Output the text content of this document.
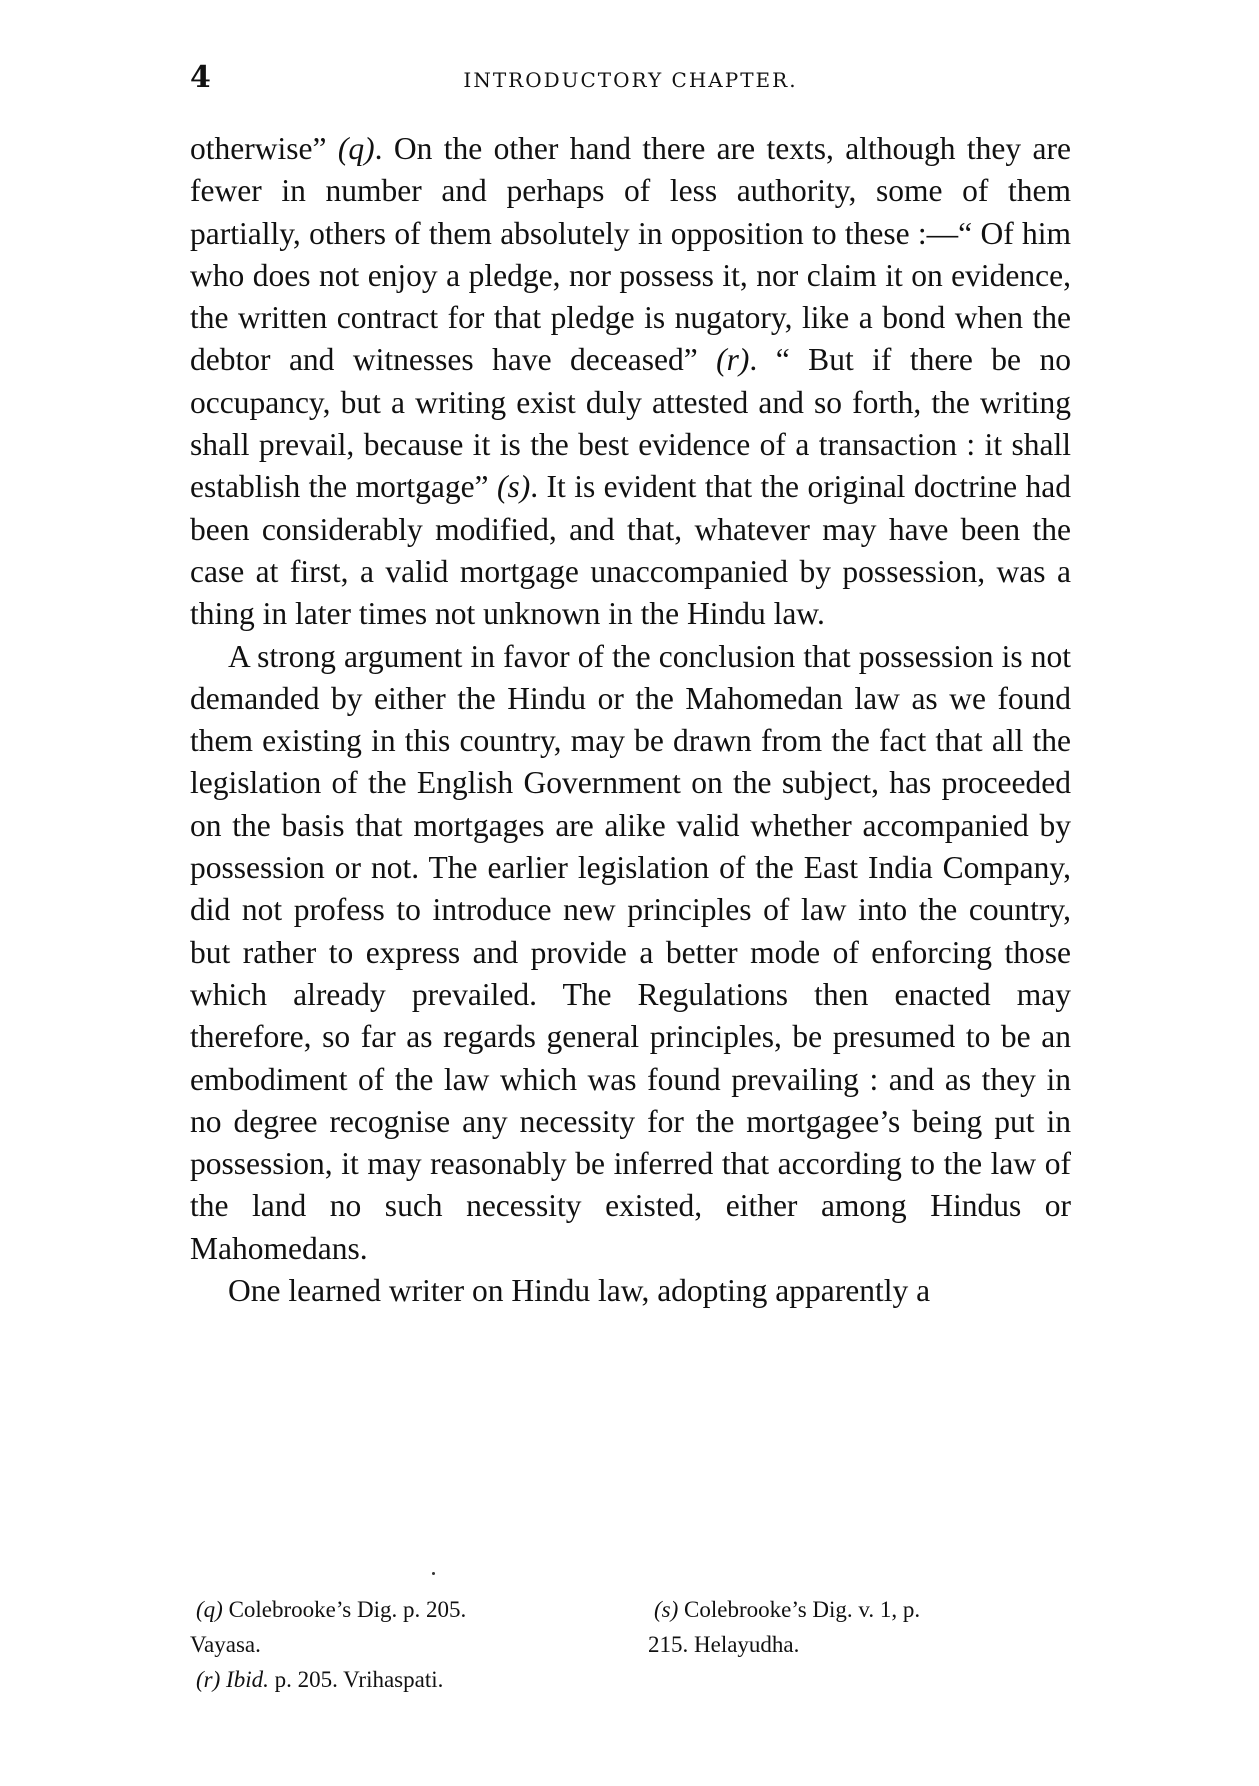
4	INTRODUCTORY CHAPTER.

otherwise” (q). On the other hand there are texts, although they are fewer in number and perhaps of less authority, some of them partially, others of them absolutely in opposition to these :—“ Of him who does not enjoy a pledge, nor possess it, nor claim it on evidence, the written contract for that pledge is nugatory, like a bond when the debtor and witnesses have deceased” (r). “ But if there be no occupancy, but a writing exist duly attested and so forth, the writing shall prevail, because it is the best evidence of a transaction : it shall establish the mortgage” (s). It is evident that the original doctrine had been considerably modified, and that, whatever may have been the case at first, a valid mortgage unaccompanied by possession, was a thing in later times not unknown in the Hindu law.

A strong argument in favor of the conclusion that possession is not demanded by either the Hindu or the Mahomedan law as we found them existing in this country, may be drawn from the fact that all the legislation of the English Government on the subject, has proceeded on the basis that mortgages are alike valid whether accompanied by possession or not. The earlier legislation of the East India Company, did not profess to introduce new principles of law into the country, but rather to express and provide a better mode of enforcing those which already prevailed. The Regulations then enacted may therefore, so far as regards general principles, be presumed to be an embodiment of the law which was found prevailing : and as they in no degree recognise any necessity for the mortgagee’s being put in possession, it may reasonably be inferred that according to the law of the land no such necessity existed, either among Hindus or Mahomedans.

One learned writer on Hindu law, adopting apparently a

(q) Colebrooke’s Dig. p. 205.
Vayasa.
(r) Ibid. p. 205. Vrihaspati.
(s) Colebrooke’s Dig. v. 1, p.
215. Helayudha.
